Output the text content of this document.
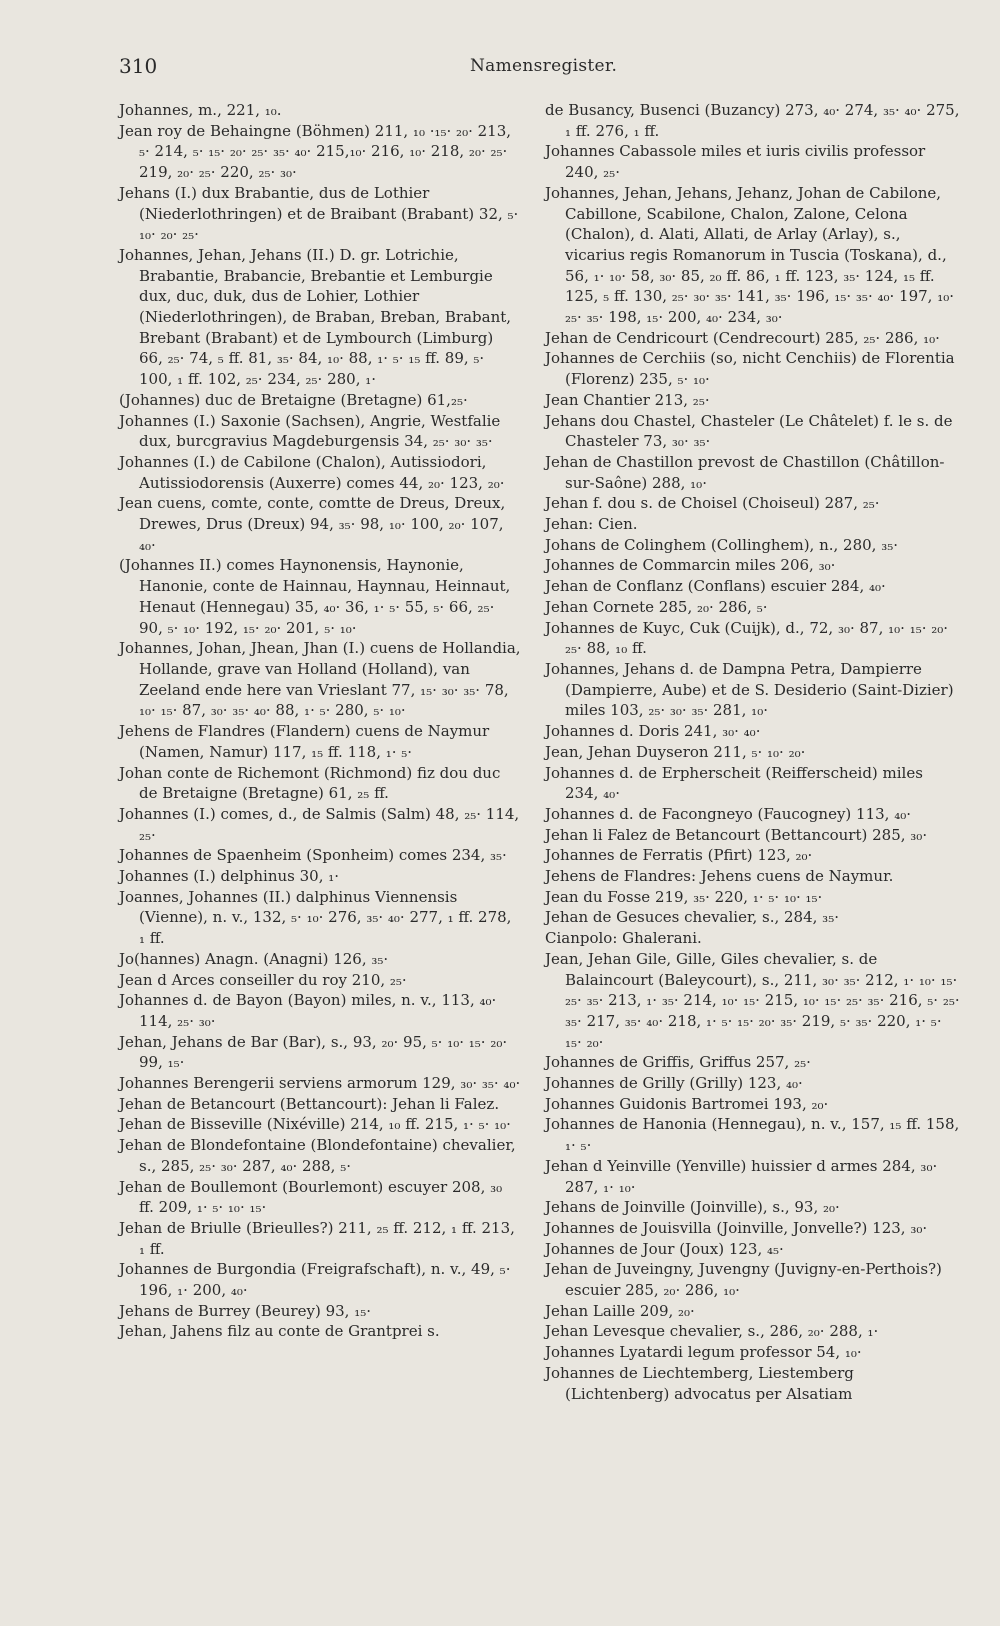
310	Namensregister.

Johannes, m., 221, ₁₀.

Jean roy de Behaingne (Böhmen) 211, ₁₀ ·₁₅· ₂₀· 213, ₅· 214, ₅· ₁₅· ₂₀· ₂₅· ₃₅· ₄₀· 215,₁₀· 216, ₁₀· 218, ₂₀· ₂₅· 219, ₂₀· ₂₅· 220, ₂₅· ₃₀·

Jehans (I.) dux Brabantie, dus de Lothier (Niederlothringen) et de Braibant (Brabant) 32, ₅· ₁₀· ₂₀· ₂₅·

Johannes, Jehan, Jehans (II.) D. gr. Lotrichie, Brabantie, Brabancie, Brebantie et Lemburgie dux, duc, duk, dus de Lohier, Lothier (Niederlothringen), de Braban, Breban, Brabant, Brebant (Brabant) et de Lymbourch (Limburg) 66, ₂₅· 74, ₅ ff. 81, ₃₅· 84, ₁₀· 88, ₁· ₅· ₁₅ ff. 89, ₅· 100, ₁ ff. 102, ₂₅· 234, ₂₅· 280, ₁·

(Johannes) duc de Bretaigne (Bretagne) 61,₂₅·

Johannes (I.) Saxonie (Sachsen), Angrie, Westfalie dux, burcgravius Magdeburgensis 34, ₂₅· ₃₀· ₃₅·

Johannes (I.) de Cabilone (Chalon), Autissiodori, Autissiodorensis (Auxerre) comes 44, ₂₀· 123, ₂₀·

Jean cuens, comte, conte, comtte de Dreus, Dreux, Drewes, Drus (Dreux) 94, ₃₅· 98, ₁₀· 100, ₂₀· 107, ₄₀·

(Johannes II.) comes Haynonensis, Haynonie, Hanonie, conte de Hainnau, Haynnau, Heinnaut, Henaut (Hennegau) 35, ₄₀· 36, ₁· ₅· 55, ₅· 66, ₂₅· 90, ₅· ₁₀· 192, ₁₅· ₂₀· 201, ₅· ₁₀·

Johannes, Johan, Jhean, Jhan (I.) cuens de Hollandia, Hollande, grave van Holland (Holland), van Zeeland ende here van Vrieslant 77, ₁₅· ₃₀· ₃₅· 78, ₁₀· ₁₅· 87, ₃₀· ₃₅· ₄₀· 88, ₁· ₅· 280, ₅· ₁₀·

Jehens de Flandres (Flandern) cuens de Naymur (Namen, Namur) 117, ₁₅ ff. 118, ₁· ₅·

Johan conte de Richemont (Richmond) fiz dou duc de Bretaigne (Bretagne) 61, ₂₅ ff.

Johannes (I.) comes, d., de Salmis (Salm) 48, ₂₅· 114, ₂₅·

Johannes de Spaenheim (Sponheim) comes 234, ₃₅·

Johannes (I.) delphinus 30, ₁·

Joannes, Johannes (II.) dalphinus Viennensis (Vienne), n. v., 132, ₅· ₁₀· 276, ₃₅· ₄₀· 277, ₁ ff. 278, ₁ ff.

Jo(hannes) Anagn. (Anagni) 126, ₃₅·

Jean d Arces conseiller du roy 210, ₂₅·

Johannes d. de Bayon (Bayon) miles, n. v., 113, ₄₀· 114, ₂₅· ₃₀·

Jehan, Jehans de Bar (Bar), s., 93, ₂₀· 95, ₅· ₁₀· ₁₅· ₂₀· 99, ₁₅·

Johannes Berengerii serviens armorum 129, ₃₀· ₃₅· ₄₀·

Jehan de Betancourt (Bettancourt): Jehan li Falez.

Jehan de Bisseville (Nixéville) 214, ₁₀ ff. 215, ₁· ₅· ₁₀·

Jehan de Blondefontaine (Blondefontaine) chevalier, s., 285, ₂₅· ₃₀· 287, ₄₀· 288, ₅·

Jehan de Boullemont (Bourlemont) escuyer 208, ₃₀ ff. 209, ₁· ₅· ₁₀· ₁₅·

Jehan de Briulle (Brieulles?) 211, ₂₅ ff. 212, ₁ ff. 213, ₁ ff.

Johannes de Burgondia (Freigrafschaft), n. v., 49, ₅· 196, ₁· 200, ₄₀·

Jehans de Burrey (Beurey) 93, ₁₅·

Jehan, Jahens filz au conte de Grantprei s.

de Busancy, Busenci (Buzancy) 273, ₄₀· 274, ₃₅· ₄₀· 275, ₁ ff. 276, ₁ ff.

Johannes Cabassole miles et iuris civilis professor 240, ₂₅·

Johannes, Jehan, Jehans, Jehanz, Johan de Cabilone, Cabillone, Scabilone, Chalon, Zalone, Celona (Chalon), d. Alati, Allati, de Arlay (Arlay), s., vicarius regis Romanorum in Tuscia (Toskana), d., 56, ₁· ₁₀· 58, ₃₀· 85, ₂₀ ff. 86, ₁ ff. 123, ₃₅· 124, ₁₅ ff. 125, ₅ ff. 130, ₂₅· ₃₀· ₃₅· 141, ₃₅· 196, ₁₅· ₃₅· ₄₀· 197, ₁₀· ₂₅· ₃₅· 198, ₁₅· 200, ₄₀· 234, ₃₀·

Jehan de Cendricourt (Cendrecourt) 285, ₂₅· 286, ₁₀·

Johannes de Cerchiis (so, nicht Cenchiis) de Florentia (Florenz) 235, ₅· ₁₀·

Jean Chantier 213, ₂₅·

Jehans dou Chastel, Chasteler (Le Châtelet) f. le s. de Chasteler 73, ₃₀· ₃₅·

Jehan de Chastillon prevost de Chastillon (Châtillon-sur-Saône) 288, ₁₀·

Jehan f. dou s. de Choisel (Choiseul) 287, ₂₅·

Jehan: Cien.

Johans de Colinghem (Collinghem), n., 280, ₃₅·

Johannes de Commarcin miles 206, ₃₀·

Jehan de Conflanz (Conflans) escuier 284, ₄₀·

Jehan Cornete 285, ₂₀· 286, ₅·

Johannes de Kuyc, Cuk (Cuijk), d., 72, ₃₀· 87, ₁₀· ₁₅· ₂₀· ₂₅· 88, ₁₀ ff.

Johannes, Jehans d. de Dampna Petra, Dampierre (Dampierre, Aube) et de S. Desiderio (Saint-Dizier) miles 103, ₂₅· ₃₀· ₃₅· 281, ₁₀·

Johannes d. Doris 241, ₃₀· ₄₀·

Jean, Jehan Duyseron 211, ₅· ₁₀· ₂₀·

Johannes d. de Erpherscheit (Reifferscheid) miles 234, ₄₀·

Johannes d. de Facongneyo (Faucogney) 113, ₄₀·

Jehan li Falez de Betancourt (Bettancourt) 285, ₃₀·

Johannes de Ferratis (Pfirt) 123, ₂₀·

Jehens de Flandres: Jehens cuens de Naymur.

Jean du Fosse 219, ₃₅· 220, ₁· ₅· ₁₀· ₁₅·

Jehan de Gesuces chevalier, s., 284, ₃₅·

Cianpolo: Ghalerani.

Jean, Jehan Gile, Gille, Giles chevalier, s. de Balaincourt (Baleycourt), s., 211, ₃₀· ₃₅· 212, ₁· ₁₀· ₁₅· ₂₅· ₃₅· 213, ₁· ₃₅· 214, ₁₀· ₁₅· 215, ₁₀· ₁₅· ₂₅· ₃₅· 216, ₅· ₂₅· ₃₅· 217, ₃₅· ₄₀· 218, ₁· ₅· ₁₅· ₂₀· ₃₅· 219, ₅· ₃₅· 220, ₁· ₅· ₁₅· ₂₀·

Johannes de Griffis, Griffus 257, ₂₅·

Johannes de Grilly (Grilly) 123, ₄₀·

Johannes Guidonis Bartromei 193, ₂₀·

Johannes de Hanonia (Hennegau), n. v., 157, ₁₅ ff. 158, ₁· ₅·

Jehan d Yeinville (Yenville) huissier d armes 284, ₃₀· 287, ₁· ₁₀·

Jehans de Joinville (Joinville), s., 93, ₂₀·

Johannes de Jouisvilla (Joinville, Jonvelle?) 123, ₃₀·

Johannes de Jour (Joux) 123, ₄₅·

Jehan de Juveingny, Juvengny (Juvigny-en-Perthois?) escuier 285, ₂₀· 286, ₁₀·

Jehan Laille 209, ₂₀·

Jehan Levesque chevalier, s., 286, ₂₀· 288, ₁·

Johannes Lyatardi legum professor 54, ₁₀·

Johannes de Liechtemberg, Liestemberg (Lichtenberg) advocatus per Alsatiam
